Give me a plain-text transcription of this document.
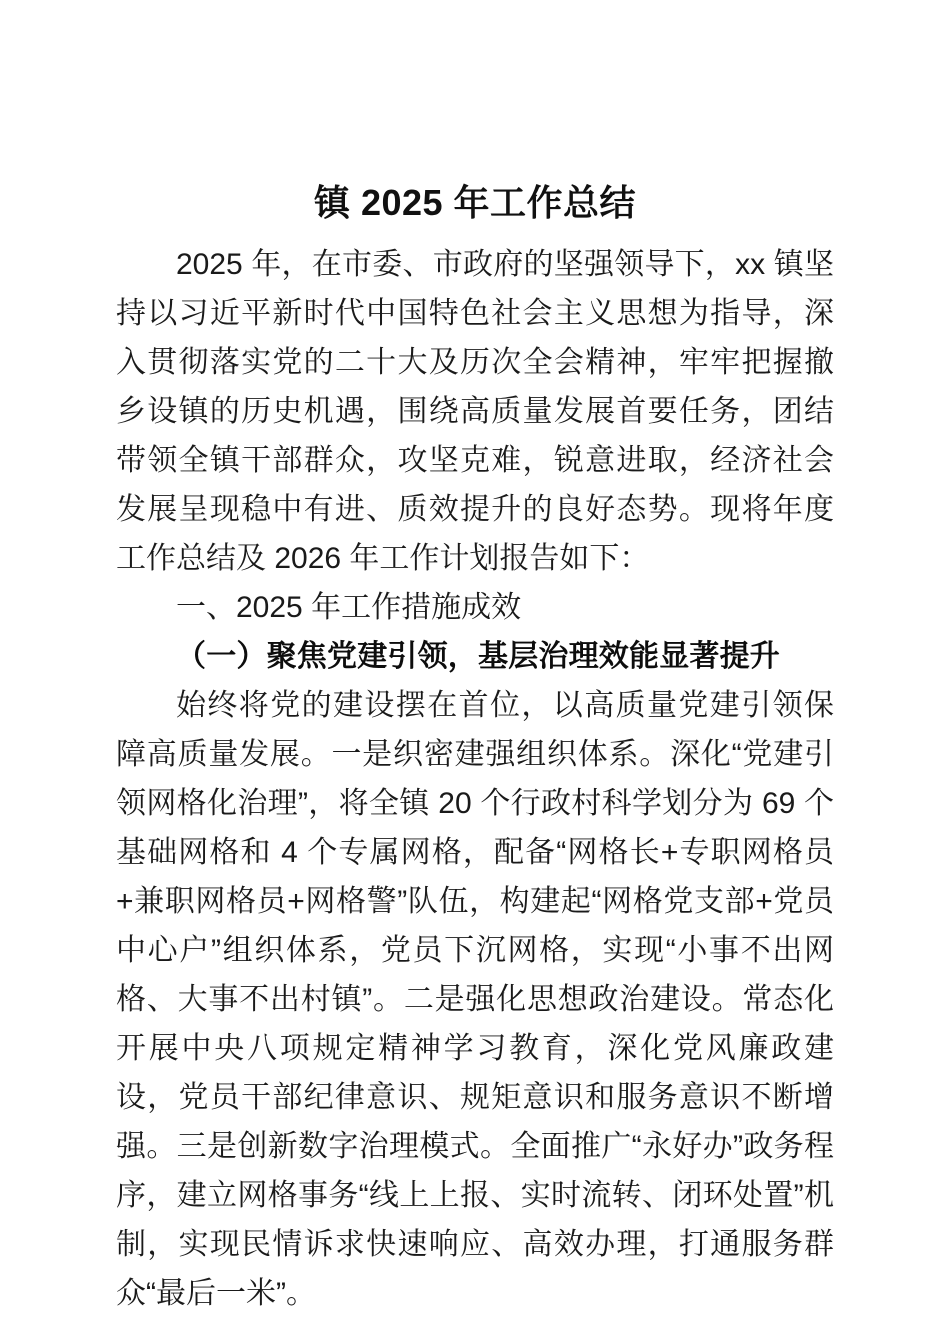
镇 2025 年工作总结

2025 年，在市委、市政府的坚强领导下，xx 镇坚持以习近平新时代中国特色社会主义思想为指导，深入贯彻落实党的二十大及历次全会精神，牢牢把握撤乡设镇的历史机遇，围绕高质量发展首要任务，团结带领全镇干部群众，攻坚克难，锐意进取，经济社会发展呈现稳中有进、质效提升的良好态势。现将年度工作总结及 2026 年工作计划报告如下：

一、2025 年工作措施成效

（一）聚焦党建引领，基层治理效能显著提升

始终将党的建设摆在首位，以高质量党建引领保障高质量发展。一是织密建强组织体系。深化“党建引领网格化治理”，将全镇 20 个行政村科学划分为 69 个基础网格和 4 个专属网格，配备“网格长+专职网格员+兼职网格员+网格警”队伍，构建起“网格党支部+党员中心户”组织体系，党员下沉网格，实现“小事不出网格、大事不出村镇”。二是强化思想政治建设。常态化开展中央八项规定精神学习教育，深化党风廉政建设，党员干部纪律意识、规矩意识和服务意识不断增强。三是创新数字治理模式。全面推广“永好办”政务程序，建立网格事务“线上上报、实时流转、闭环处置”机制，实现民情诉求快速响应、高效办理，打通服务群众“最后一米”。
